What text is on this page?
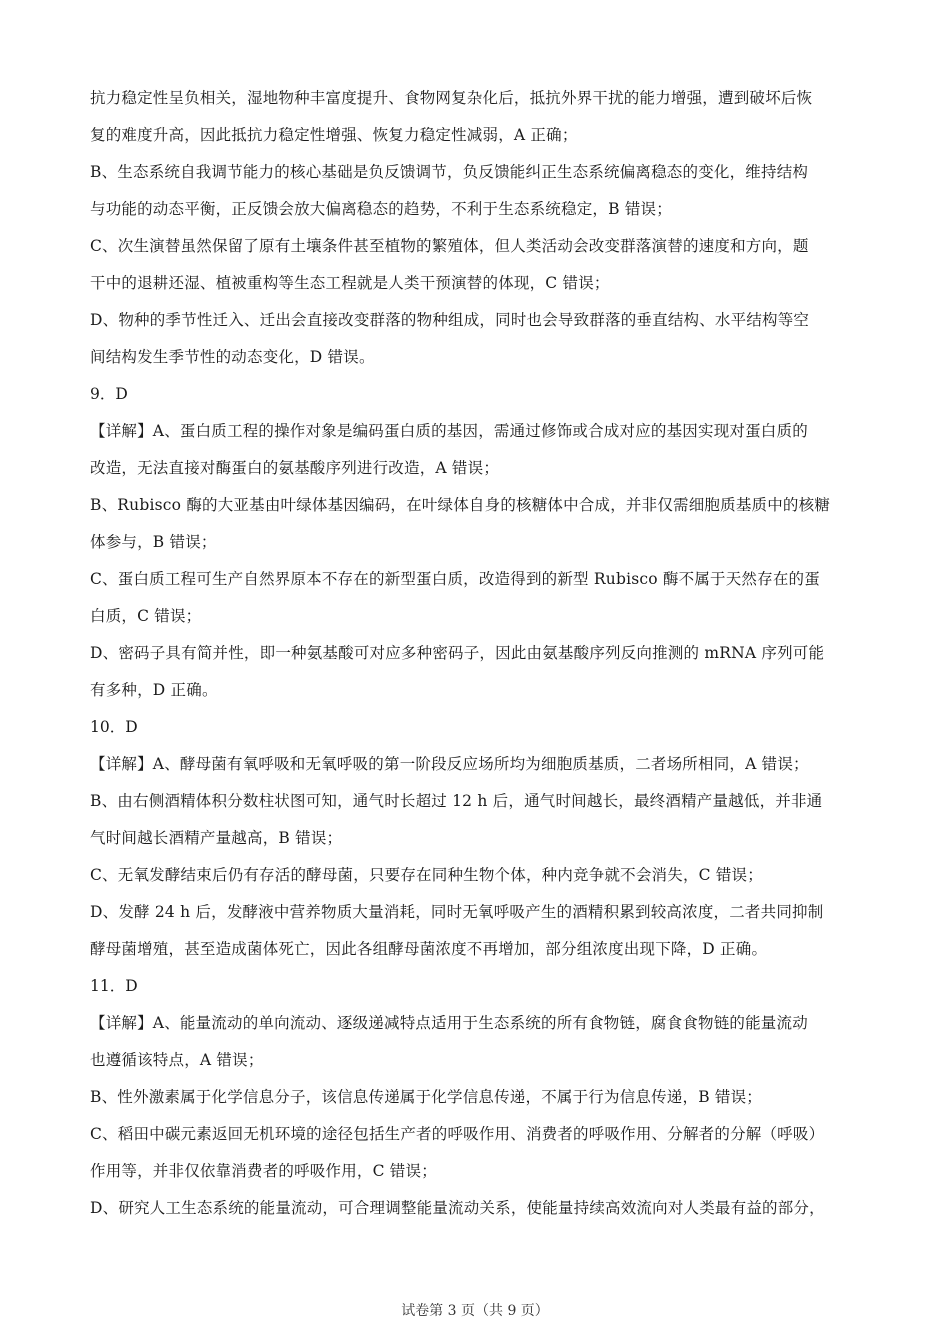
抗力稳定性呈负相关，湿地物种丰富度提升、食物网复杂化后，抵抗外界干扰的能力增强，遭到破坏后恢
复的难度升高，因此抵抗力稳定性增强、恢复力稳定性减弱，A 正确；
B、生态系统自我调节能力的核心基础是负反馈调节，负反馈能纠正生态系统偏离稳态的变化，维持结构
与功能的动态平衡，正反馈会放大偏离稳态的趋势，不利于生态系统稳定，B 错误；
C、次生演替虽然保留了原有土壤条件甚至植物的繁殖体，但人类活动会改变群落演替的速度和方向，题
干中的退耕还湿、植被重构等生态工程就是人类干预演替的体现，C 错误；
D、物种的季节性迁入、迁出会直接改变群落的物种组成，同时也会导致群落的垂直结构、水平结构等空
间结构发生季节性的动态变化，D 错误。
9．D
【详解】A、蛋白质工程的操作对象是编码蛋白质的基因，需通过修饰或合成对应的基因实现对蛋白质的
改造，无法直接对酶蛋白的氨基酸序列进行改造，A 错误；
B、Rubisco 酶的大亚基由叶绿体基因编码，在叶绿体自身的核糖体中合成，并非仅需细胞质基质中的核糖
体参与，B 错误；
C、蛋白质工程可生产自然界原本不存在的新型蛋白质，改造得到的新型 Rubisco 酶不属于天然存在的蛋
白质，C 错误；
D、密码子具有简并性，即一种氨基酸可对应多种密码子，因此由氨基酸序列反向推测的 mRNA 序列可能
有多种，D 正确。
10．D
【详解】A、酵母菌有氧呼吸和无氧呼吸的第一阶段反应场所均为细胞质基质，二者场所相同，A 错误；
B、由右侧酒精体积分数柱状图可知，通气时长超过 12 h 后，通气时间越长，最终酒精产量越低，并非通
气时间越长酒精产量越高，B 错误；
C、无氧发酵结束后仍有存活的酵母菌，只要存在同种生物个体，种内竞争就不会消失，C 错误；
D、发酵 24 h 后，发酵液中营养物质大量消耗，同时无氧呼吸产生的酒精积累到较高浓度，二者共同抑制
酵母菌增殖，甚至造成菌体死亡，因此各组酵母菌浓度不再增加，部分组浓度出现下降，D 正确。
11．D
【详解】A、能量流动的单向流动、逐级递减特点适用于生态系统的所有食物链，腐食食物链的能量流动
也遵循该特点，A 错误；
B、性外激素属于化学信息分子，该信息传递属于化学信息传递，不属于行为信息传递，B 错误；
C、稻田中碳元素返回无机环境的途径包括生产者的呼吸作用、消费者的呼吸作用、分解者的分解（呼吸）
作用等，并非仅依靠消费者的呼吸作用，C 错误；
D、研究人工生态系统的能量流动，可合理调整能量流动关系，使能量持续高效流向对人类最有益的部分，
试卷第 3 页（共 9 页）
